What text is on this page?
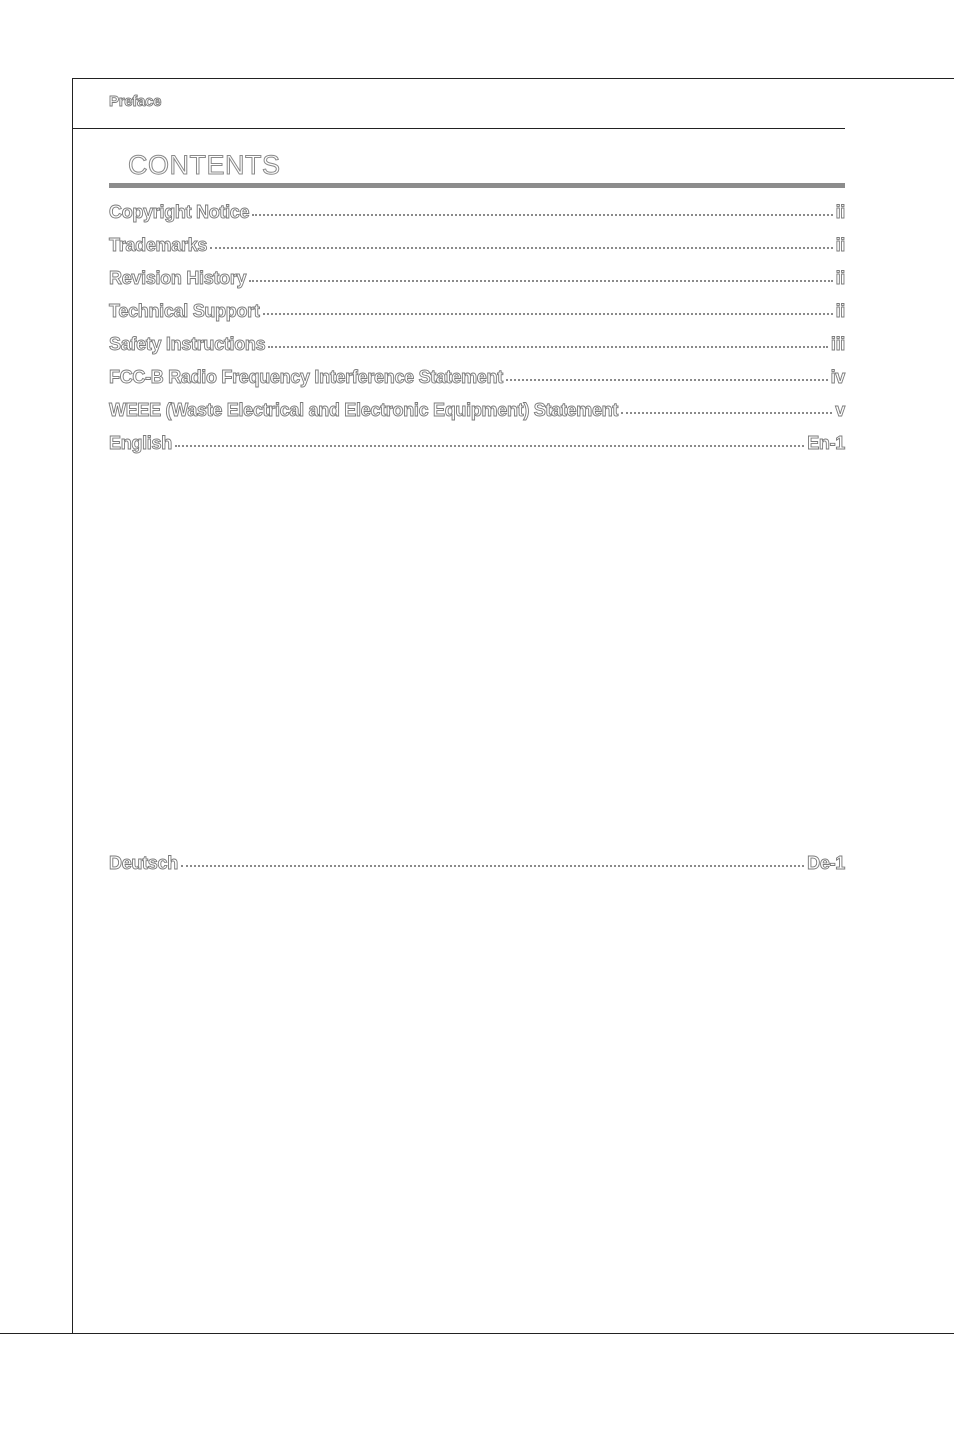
Preface
CONTENTS
Copyright Notice	ii
Trademarks	ii
Revision History	ii
Technical Support	ii
Safety Instructions	iii
FCC-B Radio Frequency Interference Statement	iv
WEEE (Waste Electrical and Electronic Equipment) Statement	v
English	En-1
Deutsch	De-1
